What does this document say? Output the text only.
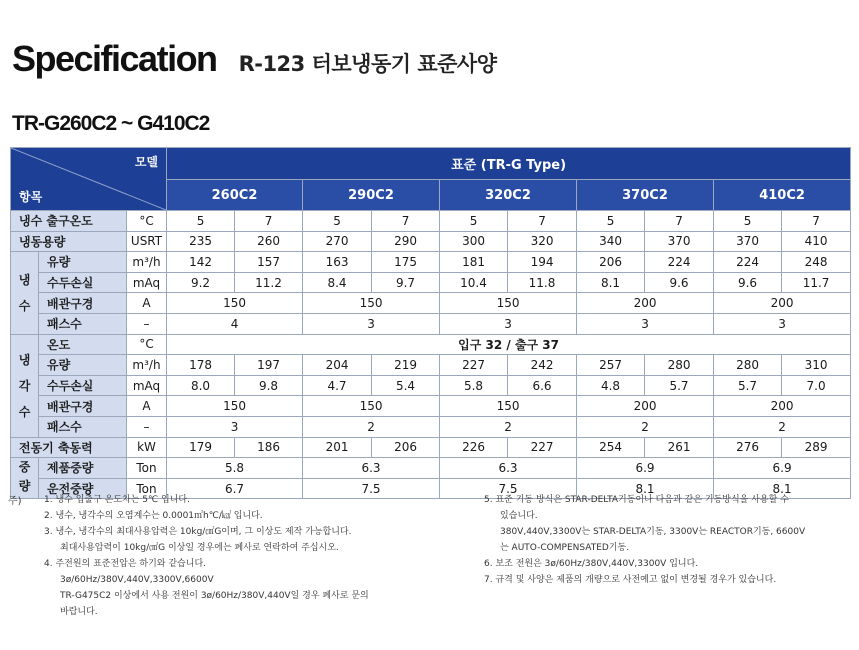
Specification R-123 터보냉동기 표준사양
TR-G260C2 ~ G410C2
모델
항목			표준 (TR-G Type)									
			260C2		290C2		320C2		370C2		410C2	
냉수 출구온도		°C	5	7	5	7	5	7	5	7	5	7
냉동용량		USRT	235	260	270	290	300	320	340	370	370	410
냉 수	유량	m³/h	142	157	163	175	181	194	206	224	224	248
	수두손실	mAq	9.2	11.2	8.4	9.7	10.4	11.8	8.1	9.6	9.6	11.7
	배관구경	A	150		150		150		200		200	
	패스수	–	4		3		3		3		3	
냉 각 수	온도	°C	입구 32 / 출구 37									
	유량	m³/h	178	197	204	219	227	242	257	280	280	310
	수두손실	mAq	8.0	9.8	4.7	5.4	5.8	6.6	4.8	5.7	5.7	7.0
	배관구경	A	150		150		150		200		200	
	패스수	–	3		2		2		2		2	
전동기 축동력		kW	179	186	201	206	226	227	254	261	276	289
중 량	제품중량	Ton	5.8		6.3		6.3		6.9		6.9	
	운전중량	Ton	6.7		7.5		7.5		8.1		8.1	
주) 1. 냉수 입출구 온도차는 5℃ 입니다.
2. 냉수, 냉각수의 오염계수는 0.0001㎡h℃/㎉ 입니다.
3. 냉수, 냉각수의 최대사용압력은 10kg/㎠G이며, 그 이상도 제작 가능합니다.
최대사용압력이 10kg/㎠G 이상일 경우에는 폐사로 연락하여 주십시오.
4. 주전원의 표준전압은 하기와 같습니다.
3ø/60Hz/380V,440V,3300V,6600V
TR-G475C2 이상에서 사용 전원이 3ø/60Hz/380V,440V일 경우 폐사로 문의
바랍니다.
5. 표준 기동 방식은 STAR-DELTA기동이나 다음과 같은 기동방식을 사용할 수
있습니다.
380V,440V,3300V는 STAR-DELTA기동, 3300V는 REACTOR기동, 6600V
는 AUTO-COMPENSATED기동.
6. 보조 전원은 3ø/60Hz/380V,440V,3300V 입니다.
7. 규격 및 사양은 제품의 개량으로 사전예고 없이 변경될 경우가 있습니다.
